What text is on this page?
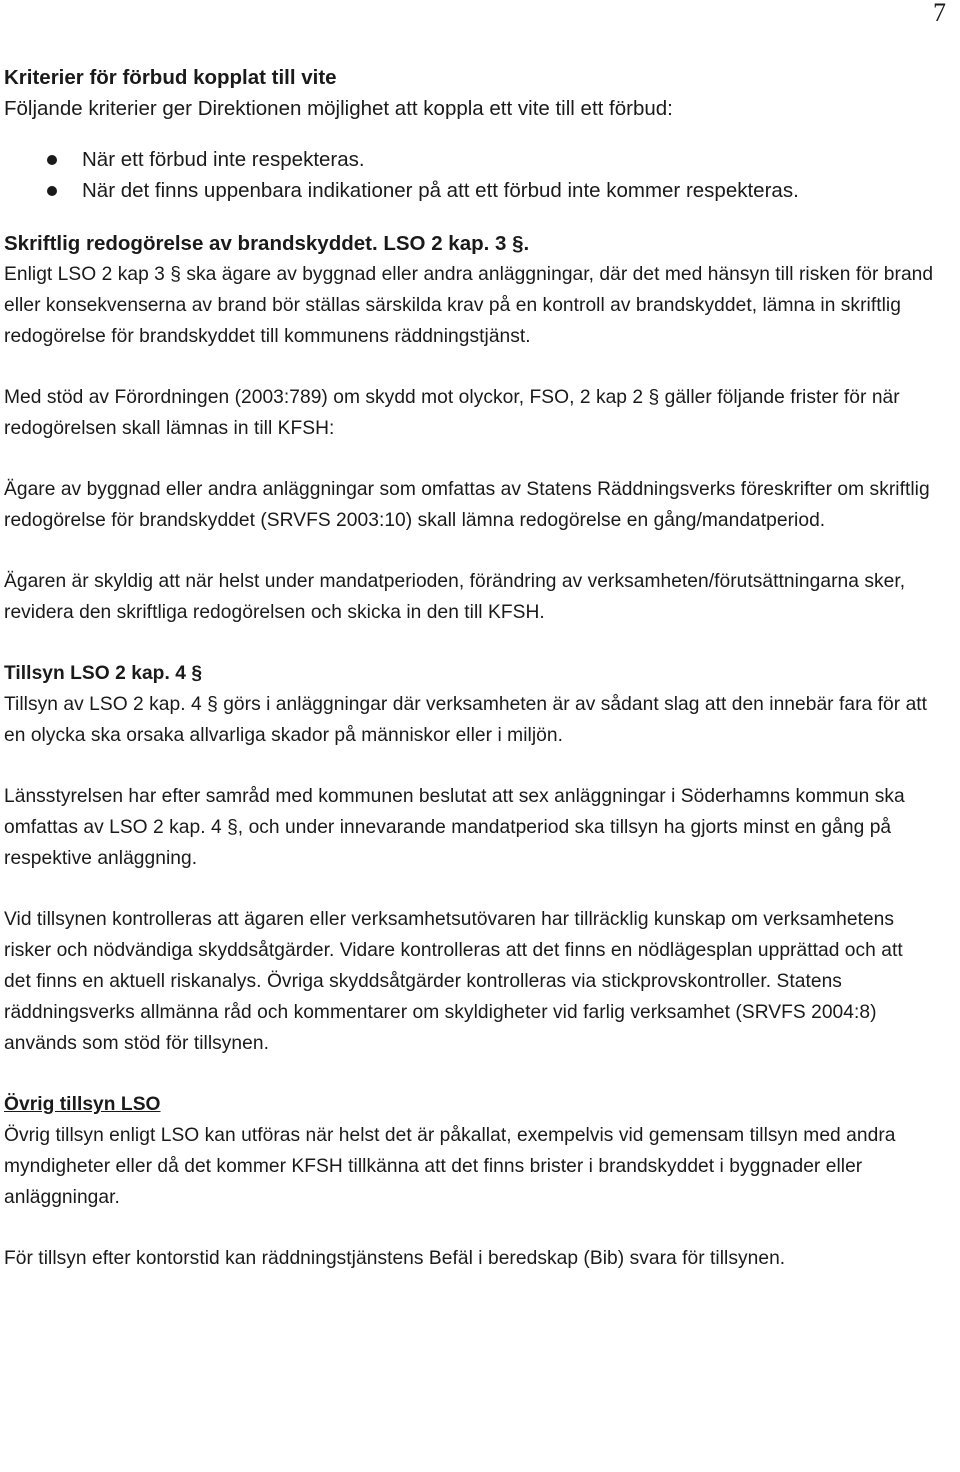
7

Kriterier för förbud kopplat till vite

Följande kriterier ger Direktionen möjlighet att koppla ett vite till ett förbud:

När ett förbud inte respekteras.
När det finns uppenbara indikationer på att ett förbud inte kommer respekteras.

Skriftlig redogörelse av brandskyddet. LSO 2 kap. 3 §.

Enligt LSO 2 kap 3 § ska ägare av byggnad eller andra anläggningar, där det med hänsyn till risken för brand eller konsekvenserna av brand bör ställas särskilda krav på en kontroll av brandskyddet, lämna in skriftlig redogörelse för brandskyddet till kommunens räddningstjänst.

Med stöd av Förordningen (2003:789) om skydd mot olyckor, FSO, 2 kap 2 § gäller följande frister för när redogörelsen skall lämnas in till KFSH:

Ägare av byggnad eller andra anläggningar som omfattas av Statens Räddningsverks föreskrifter om skriftlig redogörelse för brandskyddet (SRVFS 2003:10) skall lämna redogörelse en gång/mandatperiod.

Ägaren är skyldig att när helst under mandatperioden, förändring av verksamheten/förutsättningarna sker, revidera den skriftliga redogörelsen och skicka in den till KFSH.

Tillsyn LSO 2 kap. 4 §

Tillsyn av LSO 2 kap. 4 § görs i anläggningar där verksamheten är av sådant slag att den innebär fara för att en olycka ska orsaka allvarliga skador på människor eller i miljön.

Länsstyrelsen har efter samråd med kommunen beslutat att sex anläggningar i Söderhamns kommun ska omfattas av LSO 2 kap. 4 §, och under innevarande mandatperiod ska tillsyn ha gjorts minst en gång på respektive anläggning.

Vid tillsynen kontrolleras att ägaren eller verksamhetsutövaren har tillräcklig kunskap om verksamhetens risker och nödvändiga skyddsåtgärder. Vidare kontrolleras att det finns en nödlägesplan upprättad och att det finns en aktuell riskanalys. Övriga skyddsåtgärder kontrolleras via stickprovskontroller. Statens räddningsverks allmänna råd och kommentarer om skyldigheter vid farlig verksamhet (SRVFS 2004:8) används som stöd för tillsynen.

Övrig tillsyn LSO

Övrig tillsyn enligt LSO kan utföras när helst det är påkallat, exempelvis vid gemensam tillsyn med andra myndigheter eller då det kommer KFSH tillkänna att det finns brister i brandskyddet i byggnader eller anläggningar.

För tillsyn efter kontorstid kan räddningstjänstens Befäl i beredskap (Bib) svara för tillsynen.
